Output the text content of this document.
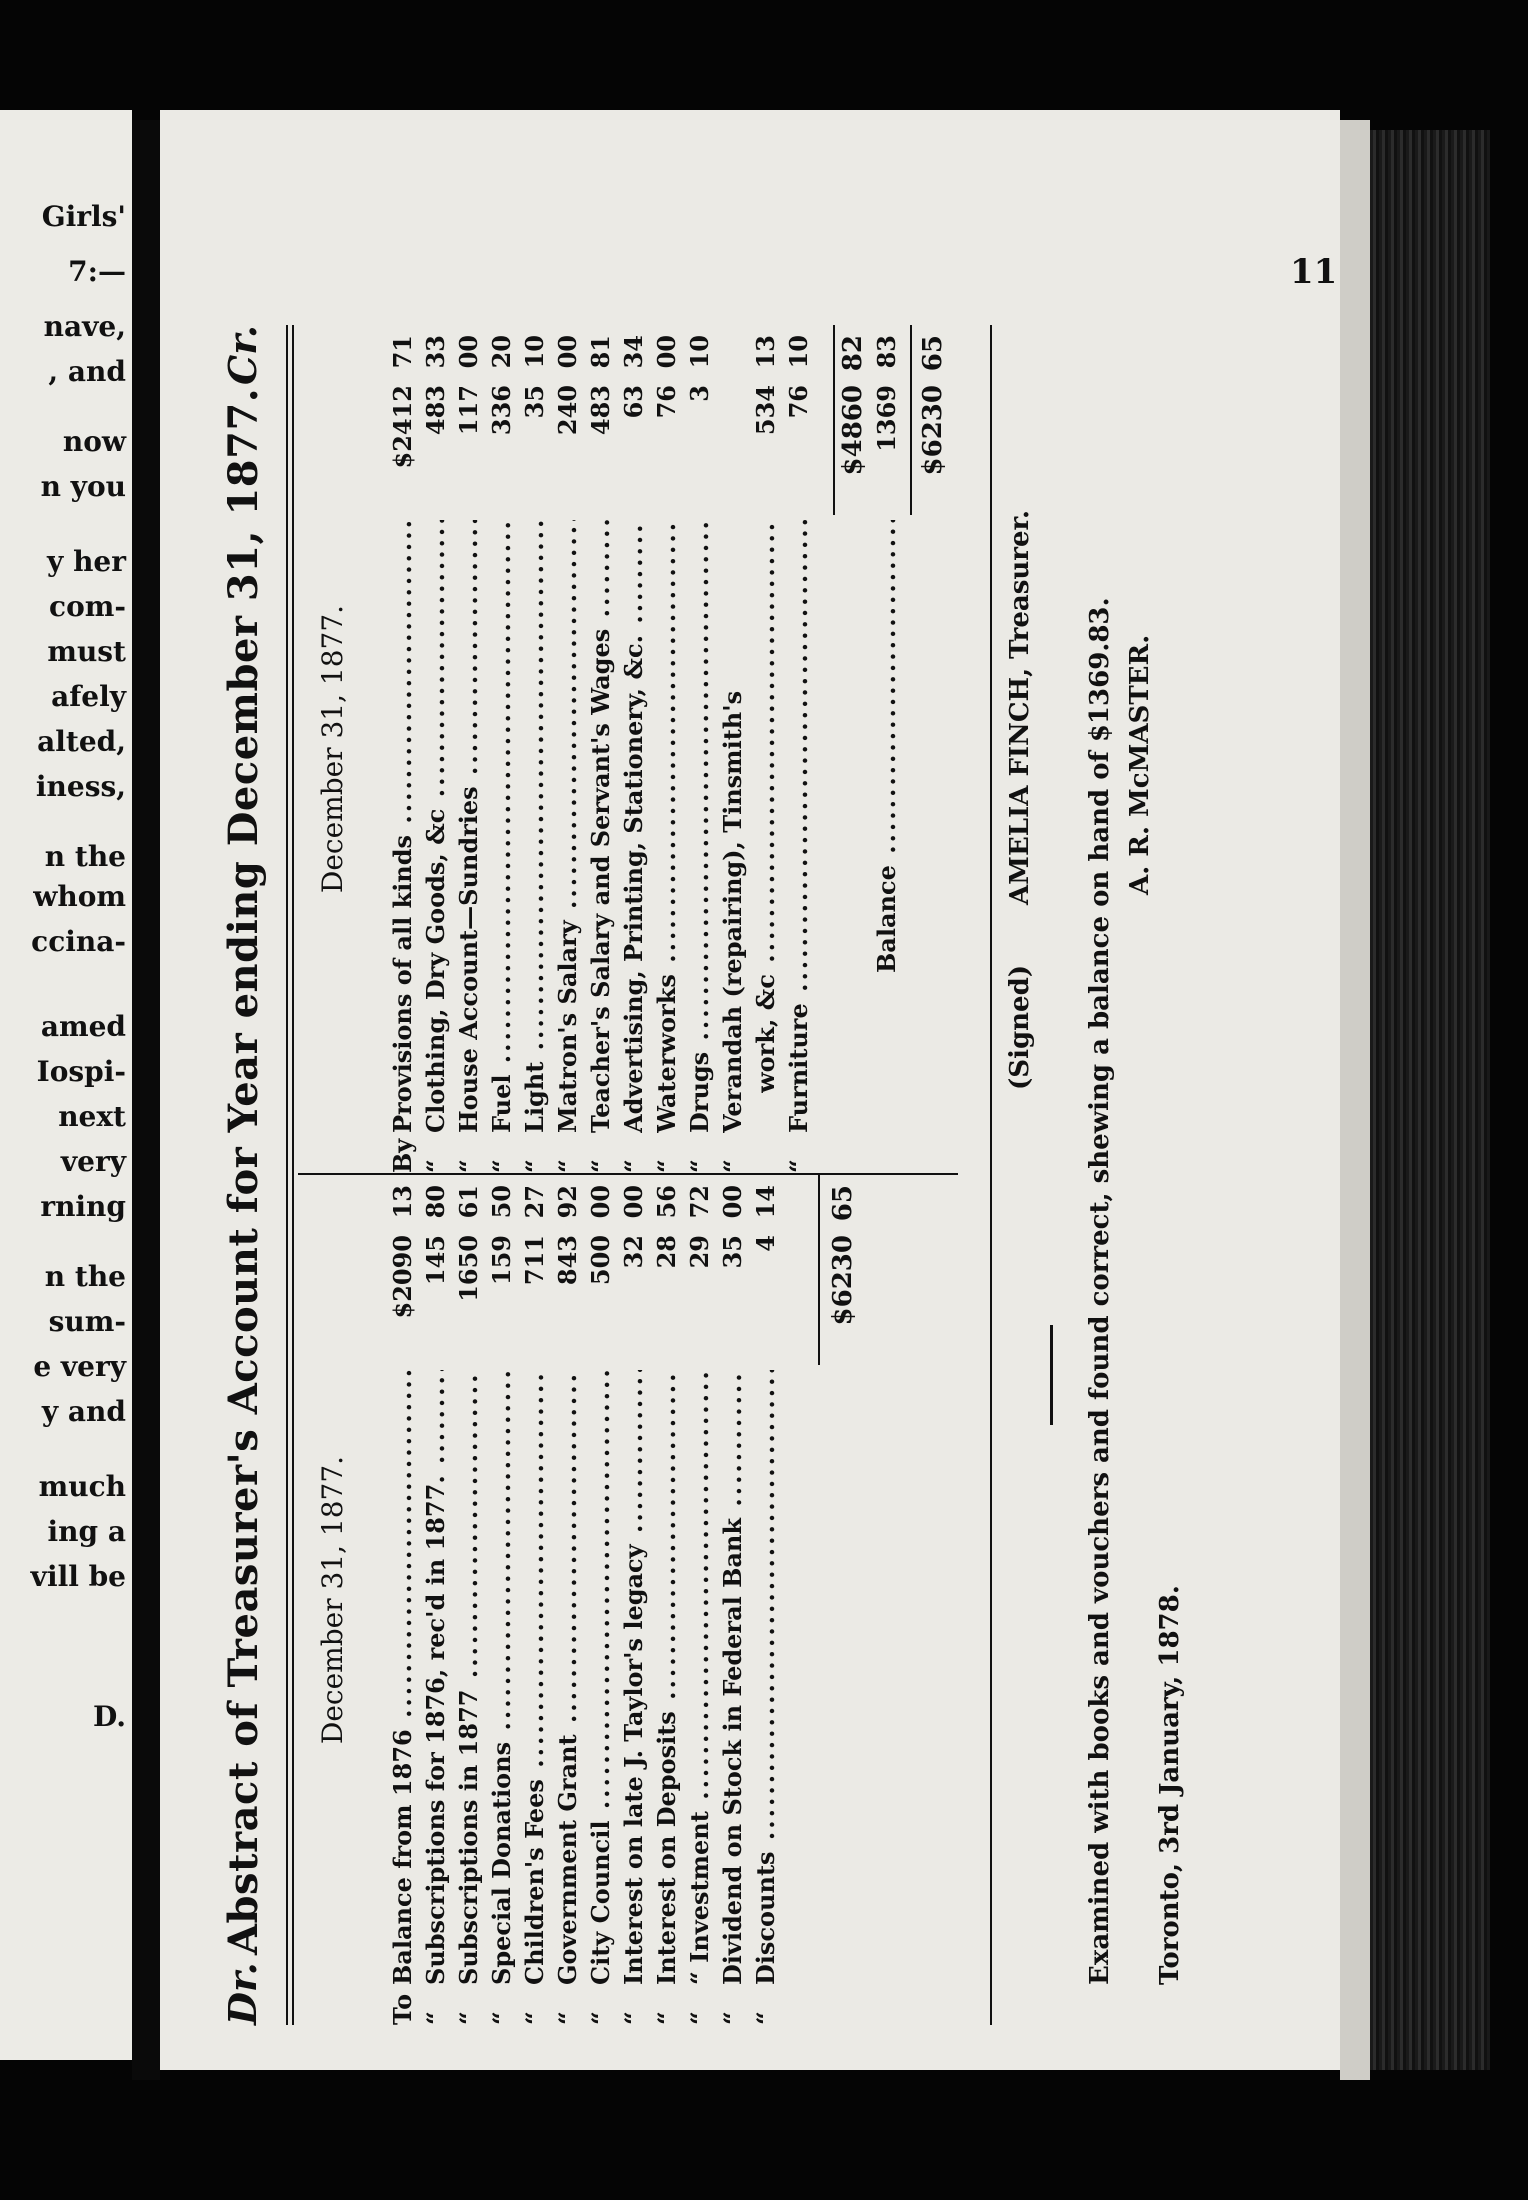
Girls'
7:—
nave,
, and
now
n you
y her
com-
must
afely
alted,
iness,
n the
whom
ccina-
amed
Iospi-
next
very
rning
n the
sum-
e very
y and
much
ing a
vill be
D.
11
Dr.
Abstract of Treasurer's Account for Year ending December 31, 1877.
Cr.
December 31, 1877.
To
Balance from 1876 .....
$2090
13
“
Subscriptions for 1876, rec'd in 1877. .....
145
80
“
Subscriptions in 1877 .....
1650
61
“
Special Donations .....
159
50
“
Children's Fees .....
711
27
“
Government Grant .....
843
92
“
City Council .....
500
00
“
Interest on late J. Taylor's legacy .....
32
00
“
Interest on Deposits .....
28
56
“
“ Investment .....
29
72
“
Dividend on Stock in Federal Bank .....
35
00
“
Discounts .....
4
14
$6230
65
December 31, 1877.
By
Provisions of all kinds .....
$2412
71
“
Clothing, Dry Goods, &c .....
483
33
“
House Account—Sundries .....
117
00
“
Fuel .....
336
20
“
Light .....
35
10
“
Matron's Salary .....
240
00
“
Teacher's Salary and Servant's Wages .....
483
81
“
Advertising, Printing, Stationery, &c. .....
63
34
“
Waterworks .....
76
00
“
Drugs .....
3
10
“
Verandah (repairing), Tinsmith's work, &c .....
534
13
“
Furniture .....
76
10
$4860
82
Balance .....
1369
83
$6230
65
(Signed)
AMELIA FINCH, Treasurer. Examined with books and vouchers and found correct, shewing a balance on hand of $1369.83. A. R. McMASTER.
Toronto, 3rd January, 1878.
